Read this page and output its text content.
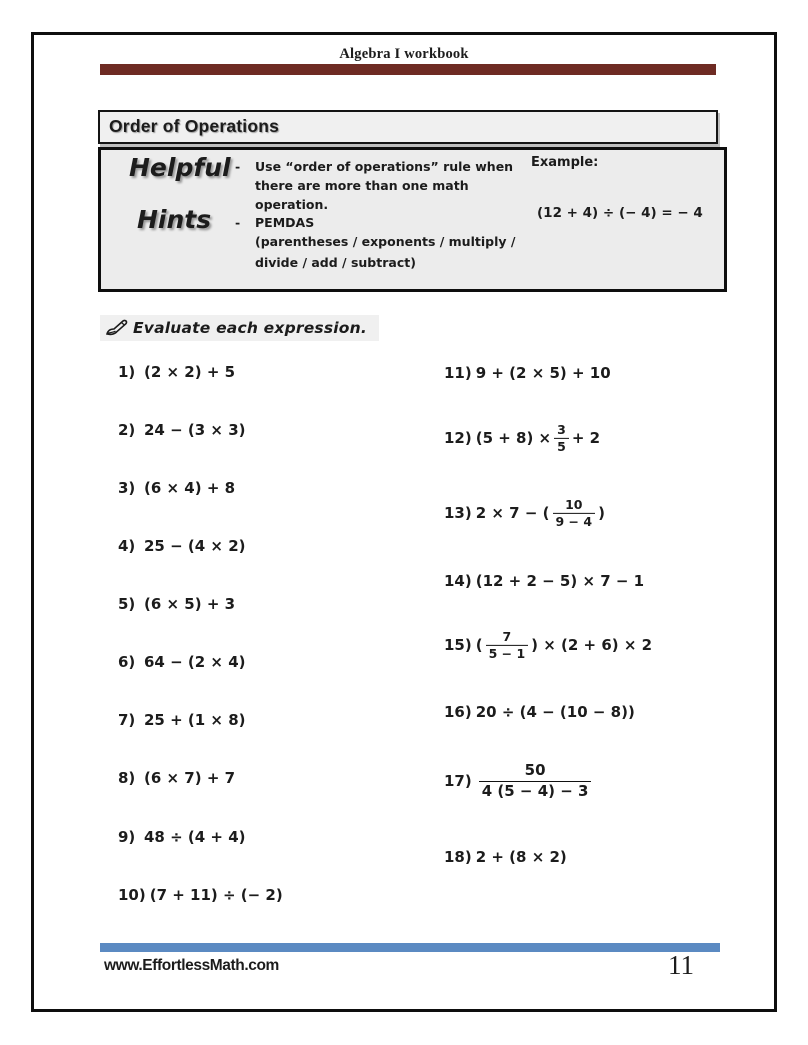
Algebra I workbook
Order of Operations
Helpful
Hints
-	Use “order of operations” rule when there are more than one math operation.
-	PEMDAS
(parentheses / exponents / multiply / divide / add / subtract)
Example:
(12 + 4) ÷ (− 4) = − 4
Evaluate each expression.
1) (2 × 2) + 5
2) 24 − (3 × 3)
3) (6 × 4) + 8
4) 25 − (4 × 2)
5) (6 × 5) + 3
6) 64 − (2 × 4)
7) 25 + (1 × 8)
8) (6 × 7) + 7
9) 48 ÷ (4 + 4)
10) (7 + 11) ÷ (− 2)
11) 9 + (2 × 5) + 10
12) $(5 + 8) \times \frac{3}{5} + 2$
13) 2 × 7 − ( $\frac{10}{9 - 4}$ )
14) (12 + 2 − 5) × 7 − 1
15) ( $\frac{7}{5 - 1}$ ) × (2 + 6) × 2
16) 20 ÷ (4 − (10 − 8))
$17) \frac{50}{4 (5 - 4) - 3}$
18) 2 + (8 × 2)
www.EffortlessMath.com	11
